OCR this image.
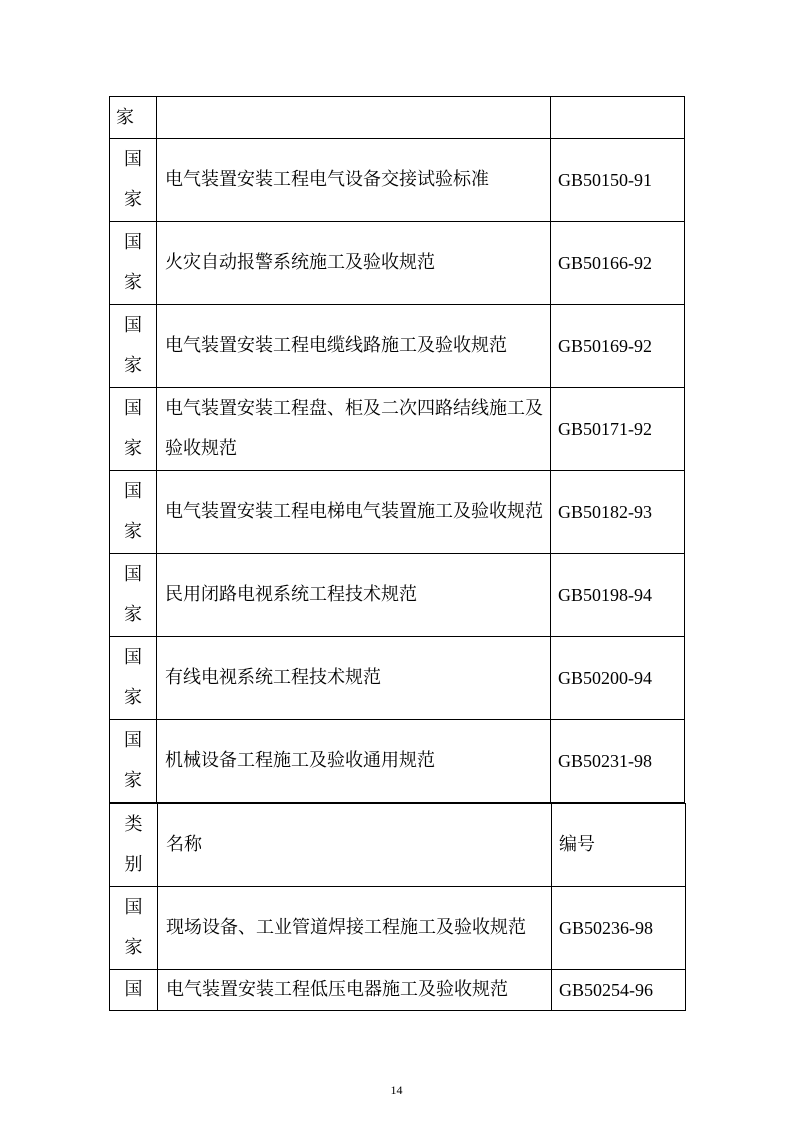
家		

国家	电气装置安装工程电气设备交接试验标准	GB50150-91

国家	火灾自动报警系统施工及验收规范	GB50166-92

国家	电气装置安装工程电缆线路施工及验收规范	GB50169-92

国家	电气装置安装工程盘、柜及二次四路结线施工及验收规范	GB50171-92

国家	电气装置安装工程电梯电气装置施工及验收规范	GB50182-93

国家	民用闭路电视系统工程技术规范	GB50198-94

国家	有线电视系统工程技术规范	GB50200-94

国家	机械设备工程施工及验收通用规范	GB50231-98
类别	名称	编号

国家	现场设备、工业管道焊接工程施工及验收规范	GB50236-98

国	电气装置安装工程低压电器施工及验收规范	GB50254-96
14
